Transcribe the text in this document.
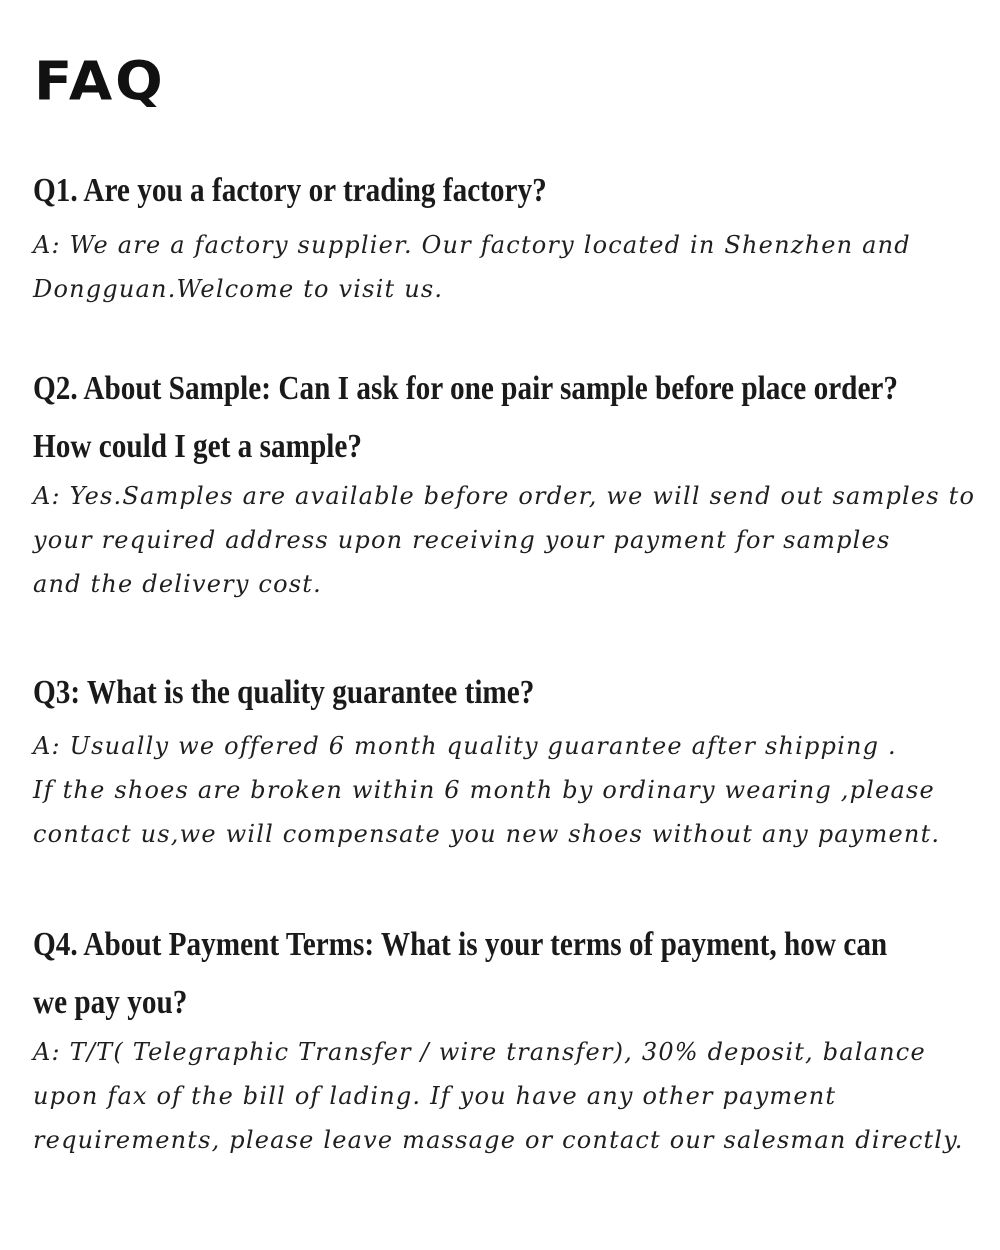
FAQ
Q1. Are you a factory or trading factory?

A: We are a factory supplier. Our factory located in Shenzhen and
Dongguan.Welcome to visit us.

Q2. About Sample: Can I ask for one pair sample before place order?
How could I get a sample?

A: Yes.Samples are available before order, we will send out samples to
your required address upon receiving your payment for samples
and the delivery cost.

Q3: What is the quality guarantee time?

A: Usually we offered 6 month quality guarantee after shipping .
If the shoes are broken within 6 month by ordinary wearing ,please
contact us,we will compensate you new shoes without any payment.

Q4. About Payment Terms: What is your terms of payment, how can
we pay you?

A: T/T( Telegraphic Transfer / wire transfer), 30% deposit, balance
upon fax of the bill of lading. If you have any other payment
requirements, please leave massage or contact our salesman directly.
